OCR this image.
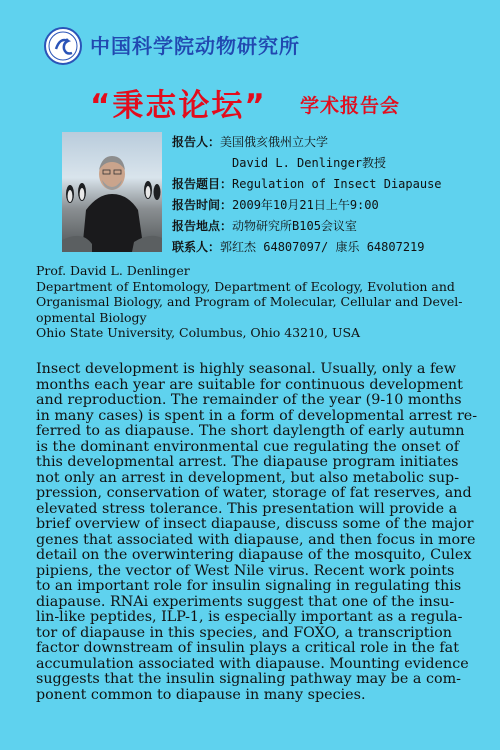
中国科学院动物研究所
“秉志论坛” 学术报告会
报告人：美国俄亥俄州立大学
David L. Denlinger教授
报告题目：Regulation of Insect Diapause
报告时间：2009年10月21日上午9:00
报告地点：动物研究所B105会议室
联系人：郭红杰 64807097/ 康乐 64807219
Prof. David L. Denlinger
Department of Entomology, Department of Ecology, Evolution and
Organismal Biology, and Program of Molecular, Cellular and Devel-
opmental Biology
Ohio State University, Columbus, Ohio 43210, USA
Insect development is highly seasonal. Usually, only a few
months each year are suitable for continuous development
and reproduction. The remainder of the year (9-10 months
in many cases) is spent in a form of developmental arrest re-
ferred to as diapause. The short daylength of early autumn
is the dominant environmental cue regulating the onset of
this developmental arrest. The diapause program initiates
not only an arrest in development, but also metabolic sup-
pression, conservation of water, storage of fat reserves, and
elevated stress tolerance. This presentation will provide a
brief overview of insect diapause, discuss some of the major
genes that associated with diapause, and then focus in more
detail on the overwintering diapause of the mosquito, Culex
pipiens, the vector of West Nile virus. Recent work points
to an important role for insulin signaling in regulating this
diapause. RNAi experiments suggest that one of the insu-
lin-like peptides, ILP-1, is especially important as a regula-
tor of diapause in this species, and FOXO, a transcription
factor downstream of insulin plays a critical role in the fat
accumulation associated with diapause. Mounting evidence
suggests that the insulin signaling pathway may be a com-
ponent common to diapause in many species.
